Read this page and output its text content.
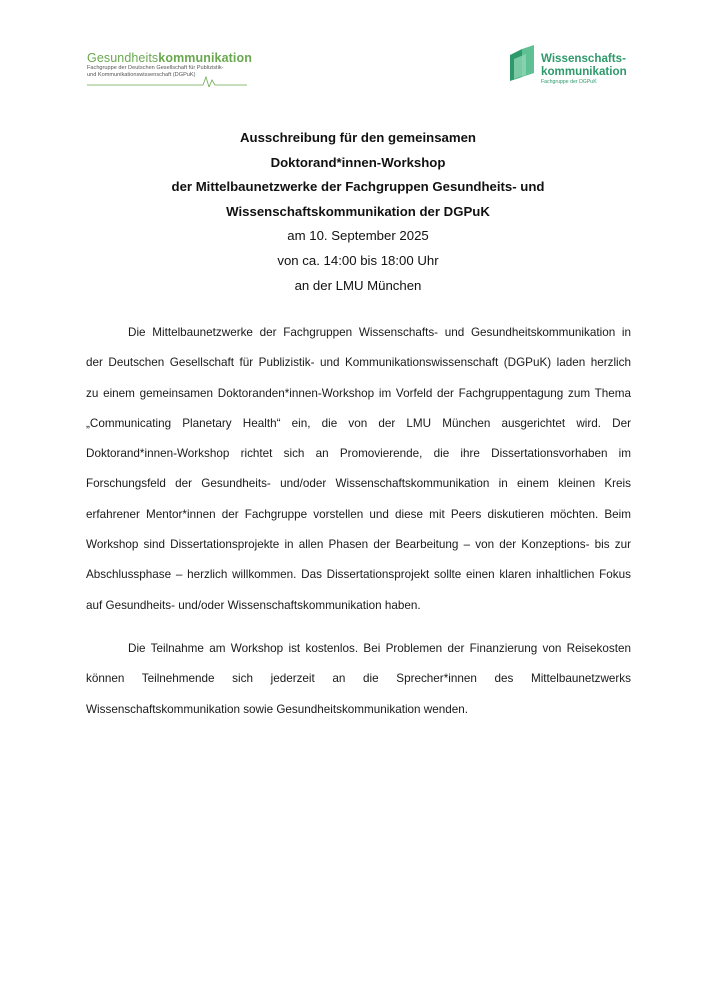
Gesundheitskommunikation
Fachgruppe der Deutschen Gesellschaft für Publizistik-
und Kommunikationswissenschaft (DGPuK)
Wissenschafts-
kommunikation
Fachgruppe der DGPuK
Ausschreibung für den gemeinsamen
Doktorand*innen-Workshop
der Mittelbaunetzwerke der Fachgruppen Gesundheits- und
Wissenschaftskommunikation der DGPuK
am 10. September 2025
von ca. 14:00 bis 18:00 Uhr
an der LMU München
Die Mittelbaunetzwerke der Fachgruppen Wissenschafts- und Gesundheitskommunikation in
der Deutschen Gesellschaft für Publizistik- und Kommunikationswissenschaft (DGPuK) laden herzlich
zu einem gemeinsamen Doktoranden*innen-Workshop im Vorfeld der Fachgruppentagung zum Thema
„Communicating Planetary Health“ ein, die von der LMU München ausgerichtet wird. Der
Doktorand*innen-Workshop richtet sich an Promovierende, die ihre Dissertationsvorhaben im
Forschungsfeld der Gesundheits- und/oder Wissenschaftskommunikation in einem kleinen Kreis
erfahrener Mentor*innen der Fachgruppe vorstellen und diese mit Peers diskutieren möchten. Beim
Workshop sind Dissertationsprojekte in allen Phasen der Bearbeitung – von der Konzeptions- bis zur
Abschlussphase – herzlich willkommen. Das Dissertationsprojekt sollte einen klaren inhaltlichen Fokus
auf Gesundheits- und/oder Wissenschaftskommunikation haben.
Die Teilnahme am Workshop ist kostenlos. Bei Problemen der Finanzierung von Reisekosten
können Teilnehmende sich jederzeit an die Sprecher*innen des Mittelbaunetzwerks
Wissenschaftskommunikation sowie Gesundheitskommunikation wenden.
